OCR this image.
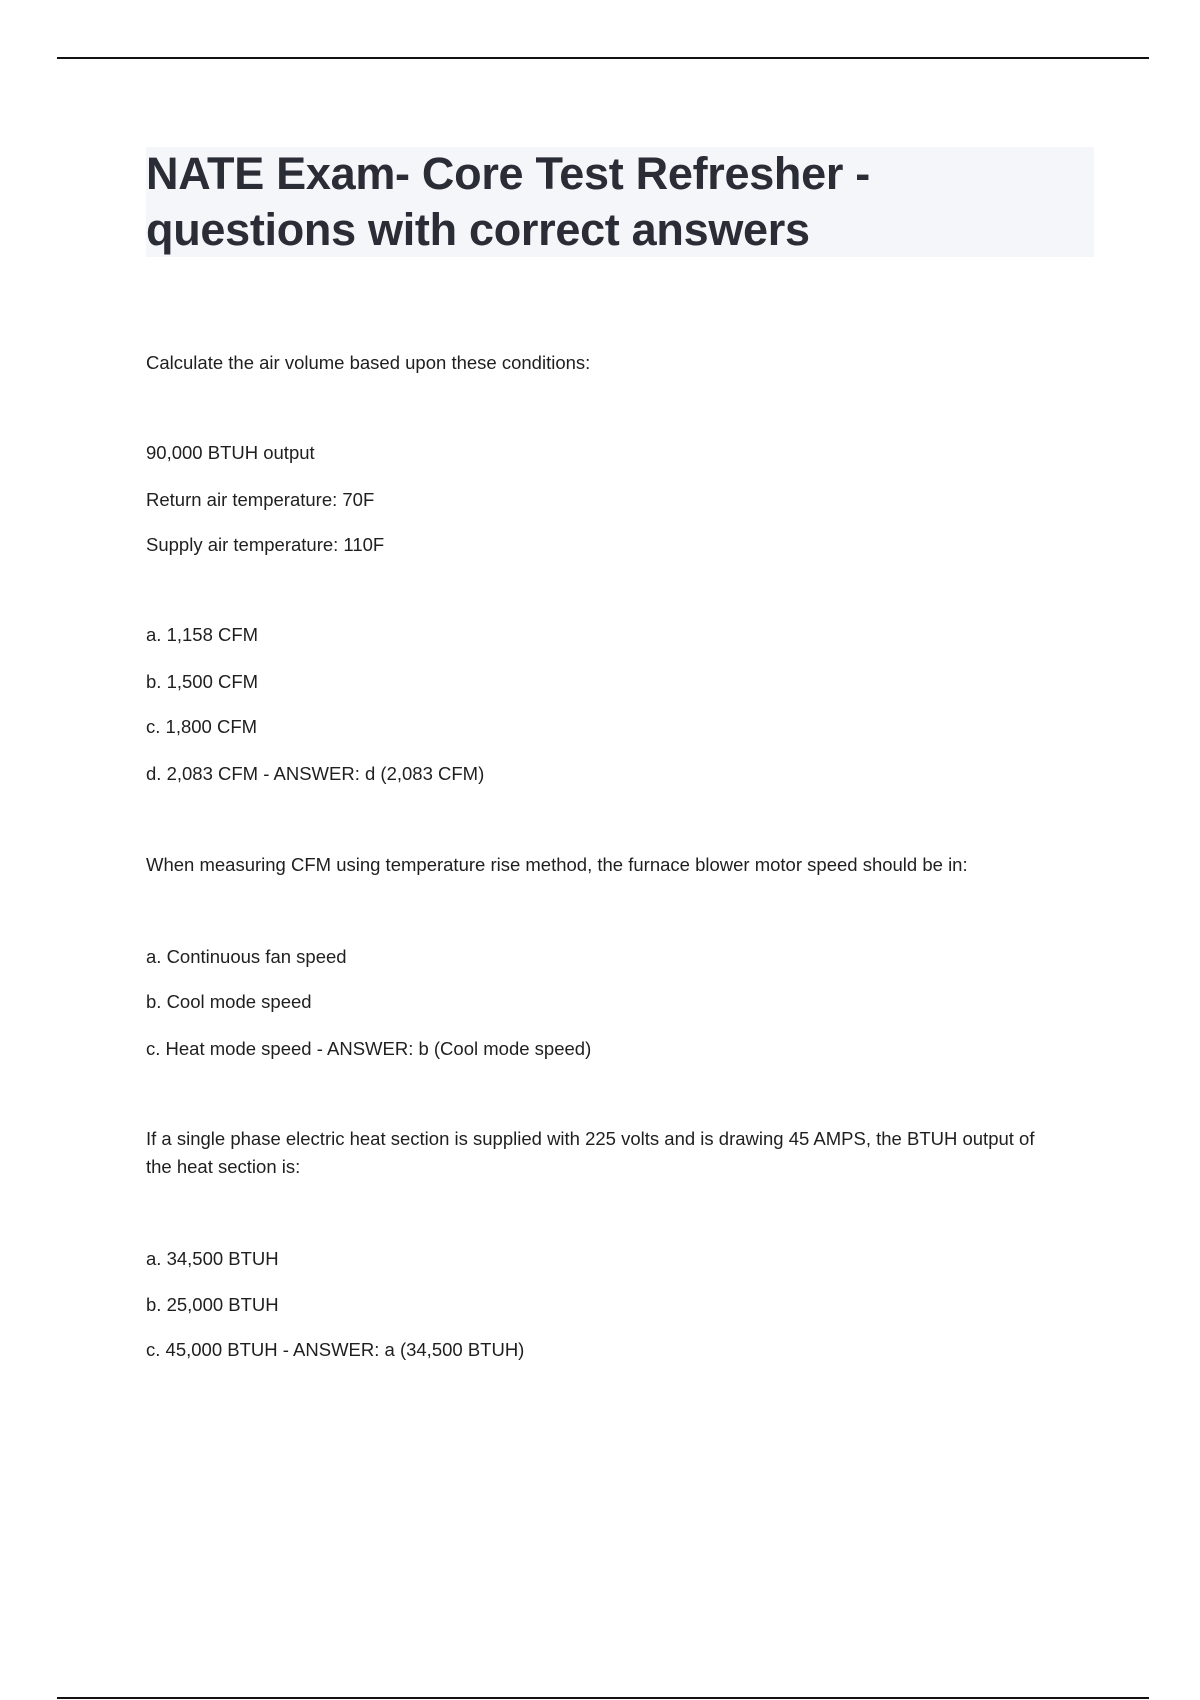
NATE Exam- Core Test Refresher - questions with correct answers
Calculate the air volume based upon these conditions:
90,000 BTUH output
Return air temperature: 70F
Supply air temperature: 110F
a. 1,158 CFM
b. 1,500 CFM
c. 1,800 CFM
d. 2,083 CFM - ANSWER: d (2,083 CFM)
When measuring CFM using temperature rise method, the furnace blower motor speed should be in:
a. Continuous fan speed
b. Cool mode speed
c. Heat mode speed - ANSWER: b (Cool mode speed)
If a single phase electric heat section is supplied with 225 volts and is drawing 45 AMPS, the BTUH output of the heat section is:
a. 34,500 BTUH
b. 25,000 BTUH
c. 45,000 BTUH - ANSWER: a (34,500 BTUH)
